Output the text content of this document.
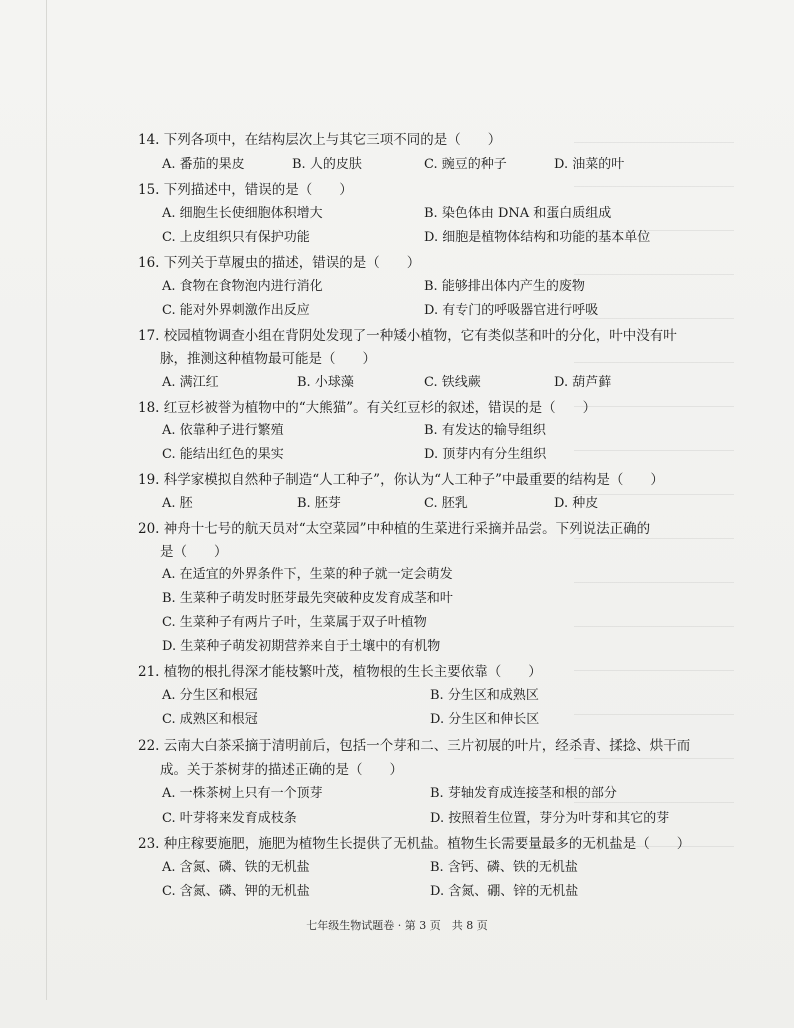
14. 下列各项中，在结构层次上与其它三项不同的是（　　）
A. 番茄的果皮	B. 人的皮肤	C. 豌豆的种子	D. 油菜的叶
15. 下列描述中，错误的是（　　）
A. 细胞生长使细胞体积增大	B. 染色体由 DNA 和蛋白质组成
C. 上皮组织只有保护功能	D. 细胞是植物体结构和功能的基本单位
16. 下列关于草履虫的描述，错误的是（　　）
A. 食物在食物泡内进行消化	B. 能够排出体内产生的废物
C. 能对外界刺激作出反应	D. 有专门的呼吸器官进行呼吸
17. 校园植物调查小组在背阴处发现了一种矮小植物，它有类似茎和叶的分化，叶中没有叶
脉，推测这种植物最可能是（　　）
A. 满江红	B. 小球藻	C. 铁线蕨	D. 葫芦藓
18. 红豆杉被誉为植物中的“大熊猫”。有关红豆杉的叙述，错误的是（　　）
A. 依靠种子进行繁殖	B. 有发达的输导组织
C. 能结出红色的果实	D. 顶芽内有分生组织
19. 科学家模拟自然种子制造“人工种子”，你认为“人工种子”中最重要的结构是（　　）
A. 胚	B. 胚芽	C. 胚乳	D. 种皮
20. 神舟十七号的航天员对“太空菜园”中种植的生菜进行采摘并品尝。下列说法正确的
是（　　）
A. 在适宜的外界条件下，生菜的种子就一定会萌发
B. 生菜种子萌发时胚芽最先突破种皮发育成茎和叶
C. 生菜种子有两片子叶，生菜属于双子叶植物
D. 生菜种子萌发初期营养来自于土壤中的有机物
21. 植物的根扎得深才能枝繁叶茂，植物根的生长主要依靠（　　）
A. 分生区和根冠	B. 分生区和成熟区
C. 成熟区和根冠	D. 分生区和伸长区
22. 云南大白茶采摘于清明前后，包括一个芽和二、三片初展的叶片，经杀青、揉捻、烘干而
成。关于茶树芽的描述正确的是（　　）
A. 一株茶树上只有一个顶芽	B. 芽轴发育成连接茎和根的部分
C. 叶芽将来发育成枝条	D. 按照着生位置，芽分为叶芽和其它的芽
23. 种庄稼要施肥，施肥为植物生长提供了无机盐。植物生长需要量最多的无机盐是（　　）
A. 含氮、磷、铁的无机盐	B. 含钙、磷、铁的无机盐
C. 含氮、磷、钾的无机盐	D. 含氮、硼、锌的无机盐
七年级生物试题卷 · 第 3 页　共 8 页
